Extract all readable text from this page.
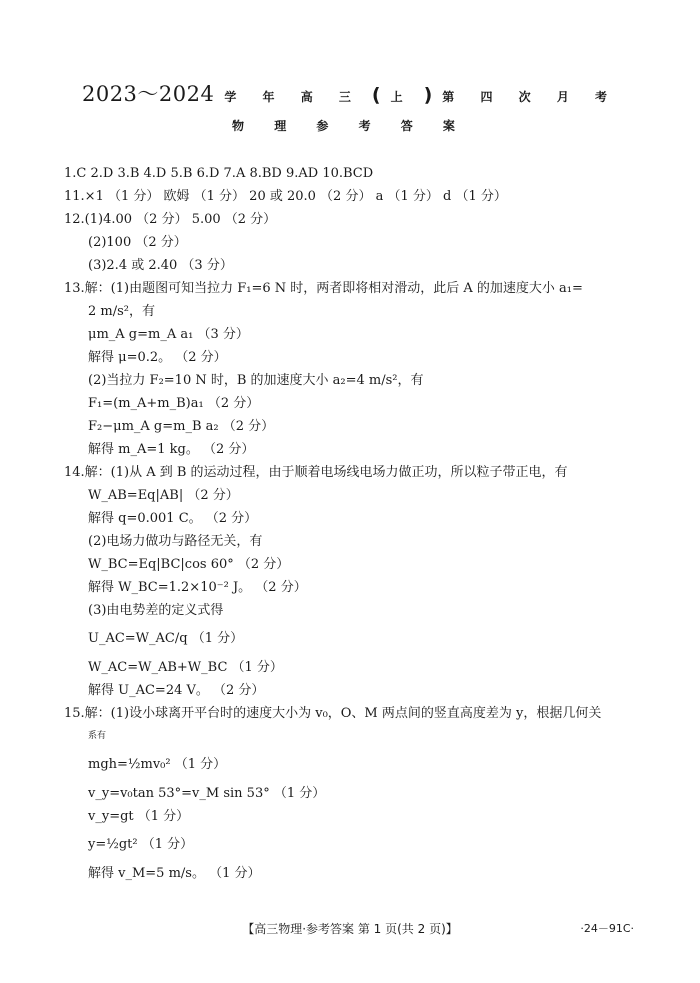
2023～2024 学 年 高 三 ( 上 ) 第 四 次 月 考
物 理 参 考 答 案
1.C 2.D 3.B 4.D 5.B 6.D 7.A 8.BD 9.AD 10.BCD
11.×1 （1 分） 欧姆 （1 分） 20 或 20.0 （2 分） a （1 分） d （1 分）
12.(1)4.00 （2 分） 5.00 （2 分）
(2)100 （2 分）
(3)2.4 或 2.40 （3 分）
13.解：(1)由题图可知当拉力 F₁=6 N 时，两者即将相对滑动，此后 A 的加速度大小 a₁=
2 m/s²，有
μm_A g=m_A a₁ （3 分）
解得 μ=0.2。 （2 分）
(2)当拉力 F₂=10 N 时，B 的加速度大小 a₂=4 m/s²，有
F₁=(m_A+m_B)a₁ （2 分）
F₂−μm_A g=m_B a₂ （2 分）
解得 m_A=1 kg。 （2 分）
14.解：(1)从 A 到 B 的运动过程，由于顺着电场线电场力做正功，所以粒子带正电，有
W_AB=Eq|AB| （2 分）
解得 q=0.001 C。 （2 分）
(2)电场力做功与路径无关，有
W_BC=Eq|BC|cos 60° （2 分）
解得 W_BC=1.2×10⁻² J。 （2 分）
(3)由电势差的定义式得
U_AC=W_AC/q （1 分）
W_AC=W_AB+W_BC （1 分）
解得 U_AC=24 V。 （2 分）
15.解：(1)设小球离开平台时的速度大小为 v₀，O、M 两点间的竖直高度差为 y，根据几何关
系有
mgh=½mv₀² （1 分）
v_y=v₀tan 53°=v_M sin 53° （1 分）
v_y=gt （1 分）
y=½gt² （1 分）
解得 v_M=5 m/s。 （1 分）
【高三物理·参考答案 第 1 页(共 2 页)】	·24－91C·
